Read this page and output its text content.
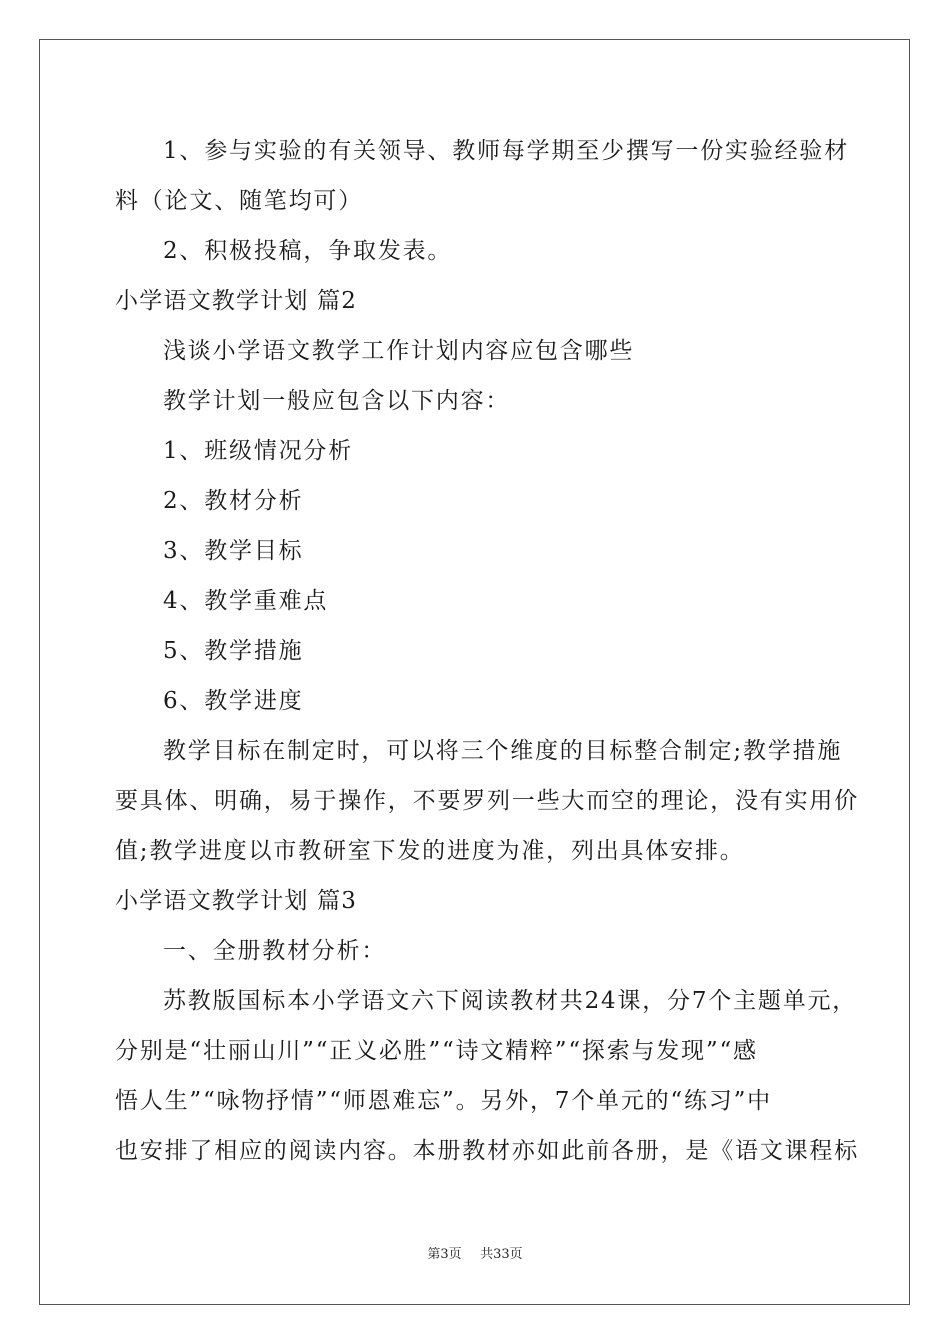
1、参与实验的有关领导、教师每学期至少撰写一份实验经验材
料（论文、随笔均可）
2、积极投稿，争取发表。
小学语文教学计划 篇2
浅谈小学语文教学工作计划内容应包含哪些
教学计划一般应包含以下内容：
1、班级情况分析
2、教材分析
3、教学目标
4、教学重难点
5、教学措施
6、教学进度
教学目标在制定时，可以将三个维度的目标整合制定;教学措施
要具体、明确，易于操作，不要罗列一些大而空的理论，没有实用价
值;教学进度以市教研室下发的进度为准，列出具体安排。
小学语文教学计划 篇3
一、全册教材分析：
苏教版国标本小学语文六下阅读教材共24课，分7个主题单元，
分别是“壮丽山川”“正义必胜”“诗文精粹”“探索与发现”“感
悟人生”“咏物抒情”“师恩难忘”。另外，7个单元的“练习”中
也安排了相应的阅读内容。本册教材亦如此前各册，是《语文课程标
第3页 共33页
